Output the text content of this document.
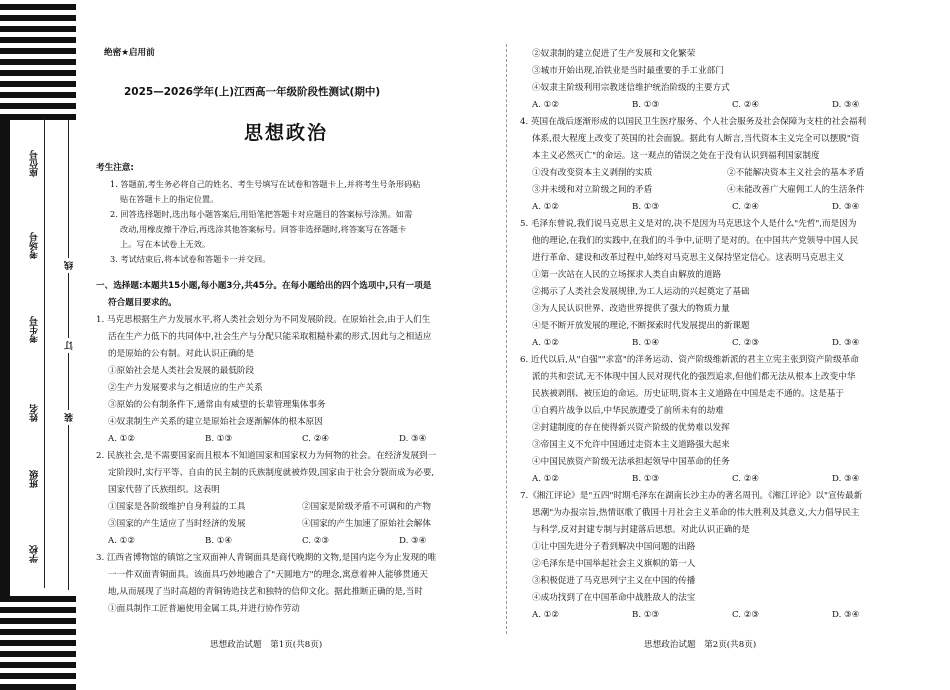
座位号
考场号
考生号
姓名
班级
学校
线
订
装
绝密★启用前
2025—2026学年(上)江西高一年级阶段性测试(期中)
思想政治
考生注意:
1. 答题前,考生务必将自己的姓名、考生号填写在试卷和答题卡上,并将考生号条形码粘
贴在答题卡上的指定位置。
2. 回答选择题时,选出每小题答案后,用铅笔把答题卡对应题目的答案标号涂黑。如需
改动,用橡皮擦干净后,再选涂其他答案标号。回答非选择题时,将答案写在答题卡
上。写在本试卷上无效。
3. 考试结束后,将本试卷和答题卡一并交回。
一、选择题:本题共15小题,每小题3分,共45分。在每小题给出的四个选项中,只有一项是
符合题目要求的。
1. 马克思根据生产力发展水平,将人类社会划分为不同发展阶段。在原始社会,由于人们生
活在生产力低下的共同体中,社会生产与分配只能采取粗糙朴素的形式,因此与之相适应
的是原始的公有制。对此认识正确的是
①原始社会是人类社会发展的最低阶段
②生产力发展要求与之相适应的生产关系
③原始的公有制条件下,通常由有威望的长辈管理集体事务
④奴隶制生产关系的建立是原始社会逐渐解体的根本原因
A. ①②	B. ①③	C. ②④	D. ③④
2. 民族社会,是不需要国家而且根本不知道国家和国家权力为何物的社会。在经济发展到一
定阶段时,实行平等、自由的民主制的氏族制度就被炸毁,国家由于社会分裂而成为必要,
国家代替了氏族组织。这表明
①国家是各阶级维护自身利益的工具	②国家是阶级矛盾不可调和的产物
③国家的产生适应了当时经济的发展	④国家的产生加速了原始社会解体
A. ①②	B. ①④	C. ②③	D. ③④
3. 江西省博物馆的镇馆之宝双面神人青铜面具是商代晚期的文物,是国内迄今为止发现的唯
一一件双面青铜面具。该面具巧妙地融合了"天圆地方"的理念,寓意着神人能够贯通天
地,从而展现了当时高超的青铜铸造技艺和独特的信仰文化。据此推断正确的是,当时
①面具制作工匠普遍使用金属工具,并进行协作劳动
②奴隶制的建立促进了生产发展和文化繁荣
③城市开始出现,冶铁业是当时最重要的手工业部门
④奴隶主阶级利用宗教迷信维护统治阶级的主要方式
A. ①②	B. ①③	C. ②④	D. ③④
4. 英国在战后逐渐形成的以国民卫生医疗服务、个人社会服务及社会保障为支柱的社会福利
体系,很大程度上改变了英国的社会面貌。据此有人断言,当代资本主义完全可以摆脱"资
本主义必然灭亡"的命运。这一观点的错误之处在于没有认识到福利国家制度
①没有改变资本主义剥削的实质	②不能解决资本主义社会的基本矛盾
③并未缓和对立阶级之间的矛盾	④未能改善广大雇佣工人的生活条件
A. ①②	B. ①③	C. ②④	D. ③④
5. 毛泽东曾说,我们说马克思主义是对的,决不是因为马克思这个人是什么"先哲",而是因为
他的理论,在我们的实践中,在我们的斗争中,证明了是对的。在中国共产党领导中国人民
进行革命、建设和改革过程中,始终对马克思主义保持坚定信心。这表明马克思主义
①第一次站在人民的立场探求人类自由解放的道路
②揭示了人类社会发展规律,为工人运动的兴起奠定了基础
③为人民认识世界、改造世界提供了强大的物质力量
④是不断开放发展的理论,不断探索时代发展提出的新课题
A. ①②	B. ①④	C. ②③	D. ③④
6. 近代以后,从"自强""求富"的洋务运动、资产阶级维新派的君主立宪主张到资产阶级革命
派的共和尝试,无不体现中国人民对现代化的强烈追求,但他们都无法从根本上改变中华
民族被剥削、被压迫的命运。历史证明,资本主义道路在中国是走不通的。这是基于
①自鸦片战争以后,中华民族遭受了前所未有的劫难
②封建制度的存在使得新兴资产阶级的优势难以发挥
③帝国主义不允许中国通过走资本主义道路强大起来
④中国民族资产阶级无法承担起领导中国革命的任务
A. ①②	B. ①③	C. ②④	D. ③④
7.《湘江评论》是"五四"时期毛泽东在湖南长沙主办的著名周刊。《湘江评论》以"宣传最新
思潮"为办报宗旨,热情讴歌了俄国十月社会主义革命的伟大胜利及其意义,大力倡导民主
与科学,反对封建专制与封建落后思想。对此认识正确的是
①让中国先进分子看到解决中国问题的出路
②毛泽东是中国举起社会主义旗帜的第一人
③积极促进了马克思列宁主义在中国的传播
④成功找到了在中国革命中战胜敌人的法宝
A. ①②	B. ①③	C. ②③	D. ③④
思想政治试题　第1页(共8页)	思想政治试题　第2页(共8页)
